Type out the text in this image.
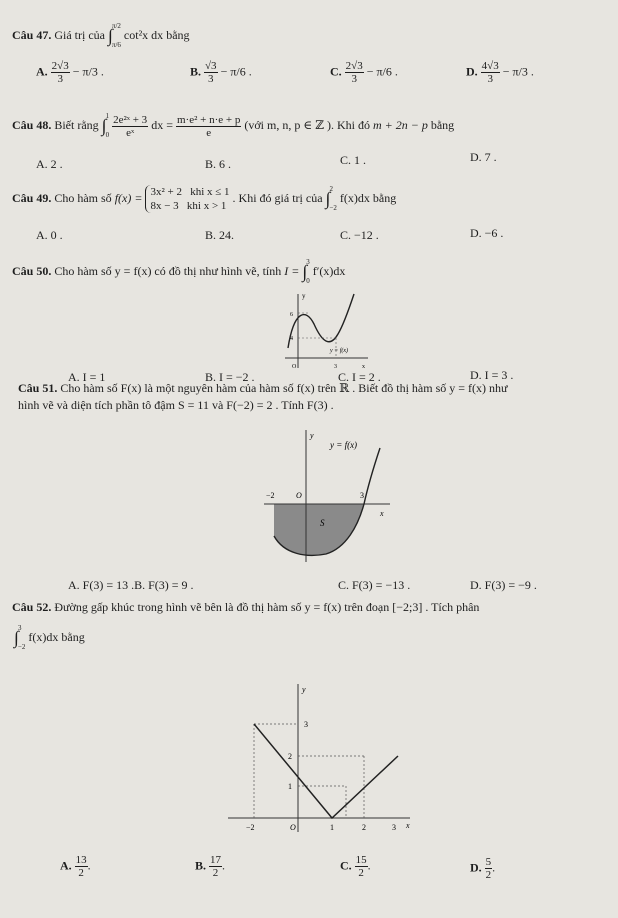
Câu 47. Giá trị của ∫ π/2
π/6
cot²x dx bằng
A. $\frac{2√3}{3} - \pi/3$ .	B. $\frac{√3}{3} - \pi/6$ .	C. $\frac{2√3}{3} - \pi/6$ .	D. $\frac{4√3}{3} - \pi/3$ .
Câu 48. Biết rằng ∫ 1
0
$\frac{\text{2e²ˣ + 3}}{\text{eˣ}}$ dx = $\frac{\text{m·e² + n·e + p}}{e}$ (với m, n, p ∈ ℤ ). Khi đó m + 2n − p bằng
A. 2 .	B. 6 .	C. 1 .	D. 7 .
Câu 49. Cho hàm số f(x) = 3x² + 2 khi x ≤ 1
8x − 3 khi x > 1
. Khi đó giá trị của ∫ 2
−2
f(x)dx bằng
A. 0 .	B. 24.	C. −12 .	D. −6 .
Câu 50. Cho hàm số y = f(x) có đồ thị như hình vẽ, tính I = ∫ 3
0
f′(x)dx
y
6
4
O	3	x
y = f(x)
A. I = 1	B. I = −2 .	C. I = 2 .	D. I = 3 .
Câu 51. Cho hàm số F(x) là một nguyên hàm của hàm số f(x) trên ℝ . Biết đồ thị hàm số y = f(x) như
hình vẽ và diện tích phần tô đậm S = 11 và F(−2) = 2 . Tính F(3) .
y
y = f(x)
−2	O	3
x
S
A. F(3) = 13 .B. F(3) = 9 .	C. F(3) = −13 .	D. F(3) = −9 .
Câu 52. Đường gấp khúc trong hình vẽ bên là đồ thị hàm số y = f(x) trên đoạn [−2;3] . Tích phân
∫ 3
−2
f(x)dx bằng
y
3
2
1
−2	O	1	2	3 x
A. $\frac{13}{2}$ .	B. $\frac{17}{2}$ .	C. $\frac{15}{2}$ .	D. $\frac{5}{2}$ .
